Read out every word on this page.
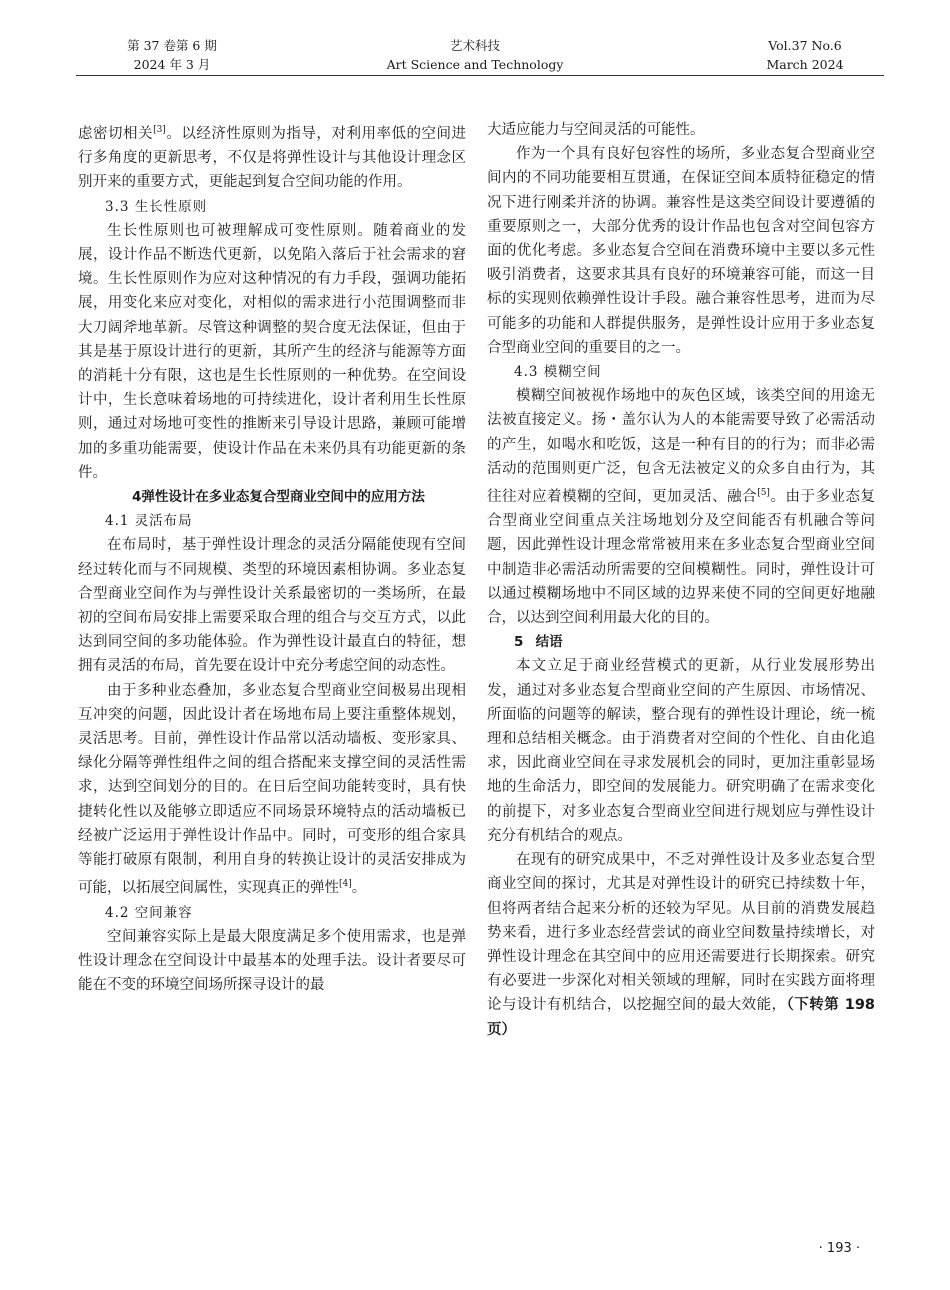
第 37 卷第 6 期
2024 年 3 月
艺术科技
Art Science and Technology
Vol.37 No.6
March 2024

虑密切相关[3]。以经济性原则为指导，对利用率低的空间进行多角度的更新思考，不仅是将弹性设计与其他设计理念区别开来的重要方式，更能起到复合空间功能的作用。

3.3 生长性原则

生长性原则也可被理解成可变性原则。随着商业的发展，设计作品不断迭代更新，以免陷入落后于社会需求的窘境。生长性原则作为应对这种情况的有力手段，强调功能拓展，用变化来应对变化，对相似的需求进行小范围调整而非大刀阔斧地革新。尽管这种调整的契合度无法保证，但由于其是基于原设计进行的更新，其所产生的经济与能源等方面的消耗十分有限，这也是生长性原则的一种优势。在空间设计中，生长意味着场地的可持续进化，设计者利用生长性原则，通过对场地可变性的推断来引导设计思路，兼顾可能增加的多重功能需要，使设计作品在未来仍具有功能更新的条件。

4弹性设计在多业态复合型商业空间中的应用方法
4.1 灵活布局

在布局时，基于弹性设计理念的灵活分隔能使现有空间经过转化而与不同规模、类型的环境因素相协调。多业态复合型商业空间作为与弹性设计关系最密切的一类场所，在最初的空间布局安排上需要采取合理的组合与交互方式，以此达到同空间的多功能体验。作为弹性设计最直白的特征，想拥有灵活的布局，首先要在设计中充分考虑空间的动态性。

由于多种业态叠加，多业态复合型商业空间极易出现相互冲突的问题，因此设计者在场地布局上要注重整体规划，灵活思考。目前，弹性设计作品常以活动墙板、变形家具、绿化分隔等弹性组件之间的组合搭配来支撑空间的灵活性需求，达到空间划分的目的。在日后空间功能转变时，具有快捷转化性以及能够立即适应不同场景环境特点的活动墙板已经被广泛运用于弹性设计作品中。同时，可变形的组合家具等能打破原有限制，利用自身的转换让设计的灵活安排成为可能，以拓展空间属性，实现真正的弹性[4]。

4.2 空间兼容

空间兼容实际上是最大限度满足多个使用需求，也是弹性设计理念在空间设计中最基本的处理手法。设计者要尽可能在不变的环境空间场所探寻设计的最

大适应能力与空间灵活的可能性。

作为一个具有良好包容性的场所，多业态复合型商业空间内的不同功能要相互贯通，在保证空间本质特征稳定的情况下进行刚柔并济的协调。兼容性是这类空间设计要遵循的重要原则之一，大部分优秀的设计作品也包含对空间包容方面的优化考虑。多业态复合空间在消费环境中主要以多元性吸引消费者，这要求其具有良好的环境兼容可能，而这一目标的实现则依赖弹性设计手段。融合兼容性思考，进而为尽可能多的功能和人群提供服务，是弹性设计应用于多业态复合型商业空间的重要目的之一。

4.3 模糊空间

模糊空间被视作场地中的灰色区域，该类空间的用途无法被直接定义。扬・盖尔认为人的本能需要导致了必需活动的产生，如喝水和吃饭，这是一种有目的的行为；而非必需活动的范围则更广泛，包含无法被定义的众多自由行为，其往往对应着模糊的空间，更加灵活、融合[5]。由于多业态复合型商业空间重点关注场地划分及空间能否有机融合等问题，因此弹性设计理念常常被用来在多业态复合型商业空间中制造非必需活动所需要的空间模糊性。同时，弹性设计可以通过模糊场地中不同区域的边界来使不同的空间更好地融合，以达到空间利用最大化的目的。

5 结语

本文立足于商业经营模式的更新，从行业发展形势出发，通过对多业态复合型商业空间的产生原因、市场情况、所面临的问题等的解读，整合现有的弹性设计理论，统一梳理和总结相关概念。由于消费者对空间的个性化、自由化追求，因此商业空间在寻求发展机会的同时，更加注重彰显场地的生命活力，即空间的发展能力。研究明确了在需求变化的前提下，对多业态复合型商业空间进行规划应与弹性设计充分有机结合的观点。

在现有的研究成果中，不乏对弹性设计及多业态复合型商业空间的探讨，尤其是对弹性设计的研究已持续数十年，但将两者结合起来分析的还较为罕见。从目前的消费发展趋势来看，进行多业态经营尝试的商业空间数量持续增长，对弹性设计理念在其空间中的应用还需要进行长期探索。研究有必要进一步深化对相关领域的理解，同时在实践方面将理论与设计有机结合，以挖掘空间的最大效能，（下转第 198 页）

· 193 ·
